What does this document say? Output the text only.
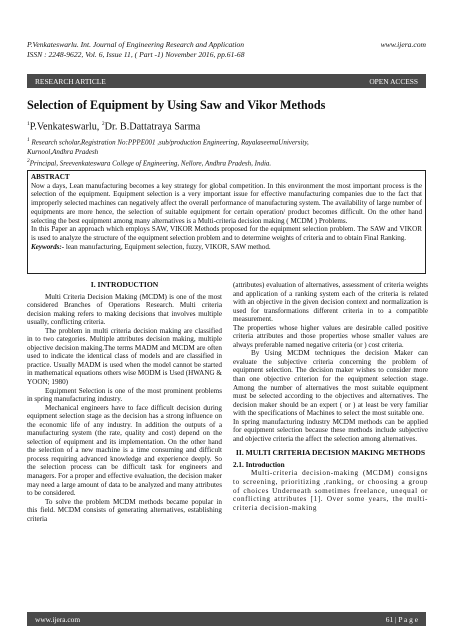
P.Venkateswarlu. Int. Journal of Engineering Research and Application	www.ijera.com
ISSN : 2248-9622, Vol. 6, Issue 11, ( Part -1) November 2016, pp.61-68
RESEARCH ARTICLE	OPEN ACCESS
Selection of Equipment by Using Saw and Vikor Methods
$^1$P.Venkateswarlu, $^2$Dr. B.Dattatraya Sarma
$^1$ Research scholar,Registration No:PPPE001 ,sub/production Engineering, RayalaseemaUniversity,
Kurnool,Andhra Pradesh
$^2$Principal, Sreevenkateswara College of Engineering, Nellore, Andhra Pradesh, India.
ABSTRACT

Now a days, Lean manufacturing becomes a key strategy for global competition. In this environment the most important process is the selection of the equipment. Equipment selection is a very important issue for effective manufacturing companies due to the fact that improperly selected machines can negatively affect the overall performance of manufacturing system. The availability of large number of equipments are more hence, the selection of suitable equipment for certain operation/ product becomes difficult. On the other hand selecting the best equipment among many alternatives is a Multi-criteria decision making ( MCDM ) Problems.

In this Paper an approach which employs SAW, VIKOR Methods proposed for the equipment selection problem. The SAW and VIKOR is used to analyze the structure of the equipment selection problem and to determine weights of criteria and to obtain Final Ranking.

Keywords:- lean manufacturing, Equipment selection, fuzzy, VIKOR, SAW method.

I. INTRODUCTION

Multi Criteria Decision Making (MCDM) is one of the most considered Branches of Operations Research. Multi criteria decision making refers to making decisions that involves multiple usually, conflicting criteria.

The problem in multi criteria decision making are classified in to two categories. Multiple attributes decision making, multiple objective decision making.The terms MADM and MCDM are often used to indicate the identical class of models and are classified in practice. Usually MADM is used when the model cannot be started in mathematical equations others wise MODM is Used (HWANG & YOON; 1980)

Equipment Selection is one of the most prominent problems in spring manufacturing industry.

Mechanical engineers have to face difficult decision during equipment selection stage as the decision has a strong influence on the economic life of any industry. In addition the outputs of a manufacturing system (the rate, quality and cost) depend on the selection of equipment and its implementation. On the other hand the selection of a new machine is a time consuming and difficult process requiring advanced knowledge and experience deeply. So the selection process can be difficult task for engineers and managers. For a proper and effective evaluation, the decision maker may need a large amount of data to be analyzed and many attributes to be considered.

To solve the problem MCDM methods became popular in this field. MCDM consists of generating alternatives, establishing criteria

(attributes) evaluation of alternatives, assessment of criteria weights and application of a ranking system each of the criteria is related with an objective in the given decision context and normalization is used for transformations different criteria in to a compatible measurement.

The properties whose higher values are desirable called positive criteria attributes and those properties whose smaller values are always preferable named negative criteria (or ) cost criteria.

By Using MCDM techniques the decision Maker can evaluate the subjective criteria concerning the problem of equipment selection. The decision maker wishes to consider more than one objective criterion for the equipment selection stage. Among the number of alternatives the most suitable equipment must be selected according to the objectives and alternatives. The decision maker should be an expert ( or ) at least be very familiar with the specifications of Machines to select the most suitable one.

In spring manufacturing industry MCDM methods can be applied for equipment selection because these methods include subjective and objective criteria the affect the selection among alternatives.

II. MULTI CRITERIA DECISION MAKING METHODS
2.1. Introduction

Multi-criteria decision-making (MCDM) consigns to screening, prioritizing ,ranking, or choosing a group of choices Underneath sometimes freelance, unequal or conflicting attributes [1]. Over some years, the multi-criteria decision-making

www.ijera.com	61 | P a g e
